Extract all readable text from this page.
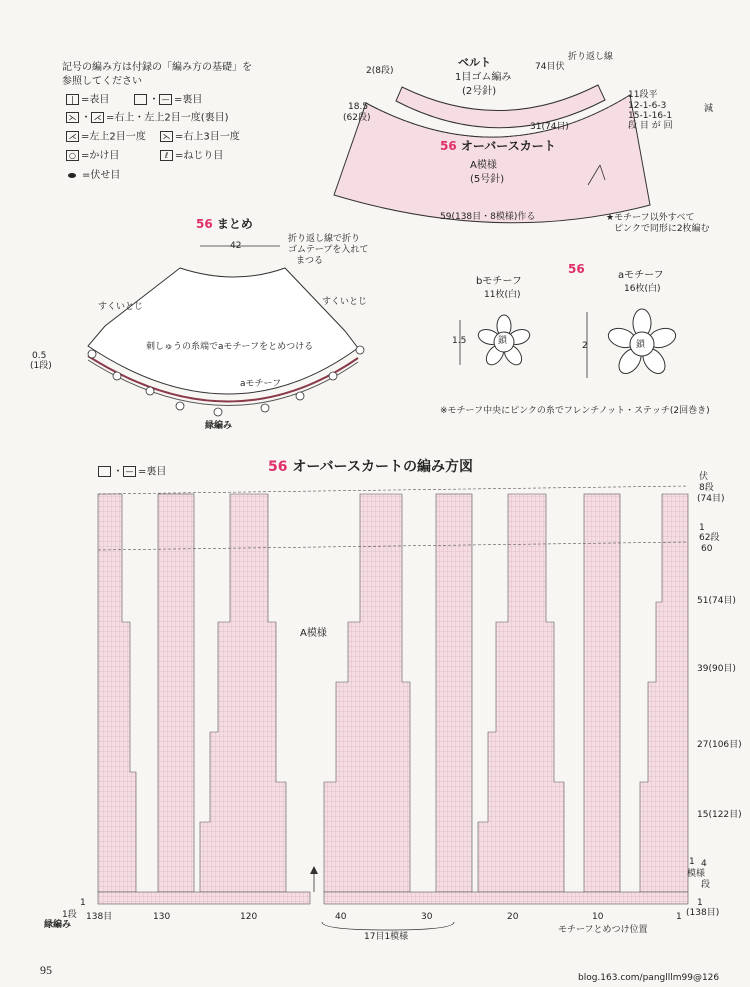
記号の編み方は付録の「編み方の基礎」を
参照してください
| =表目	・ — =裏目
⋋ ・ ⋌ =右上・左上2目一度(裏目)
⋌ =左上2目一度	⋋ =右上3目一度
○ =かけ目	ℓ =ねじり目
=伏せ目
ベルト
1目ゴム編み
(2号針)
2(8段)	74目伏
折り返し線
18.5
(62段)
31(74目)
59(138目・8模様)作る
11段平
12-1-6-3
15-1-16-1
段 目 が 回
減
56 オーバースカート
A模様
(5号針)
★モチーフ以外すべて
ピンクで同形に2枚編む
56 まとめ
42
折り返し線で折り
ゴムテープを入れて
まつる
すくいとじ	すくいとじ
刺しゅうの糸端でaモチーフをとめつける
0.5
(1段)
aモチーフ
緑編み
56
bモチーフ
11枚(白)
aモチーフ
16枚(白)
1.5	2
鎖	鎖
※モチーフ中央にピンクの糸でフレンチノット・ステッチ(2回巻き)
56 オーバースカートの編み方図
・ — =裏目
A模様
伏
8段
(74目)
1
62段
60
51(74目)
39(90目)
27(106目)
15(122目)
1 4
模様
段
1
(138目)
1
1段
緑編み
138目	130	120	40	30	20	10	1
17目1模様
モチーフとめつけ位置
95
blog.163.com/panglllm99@126
